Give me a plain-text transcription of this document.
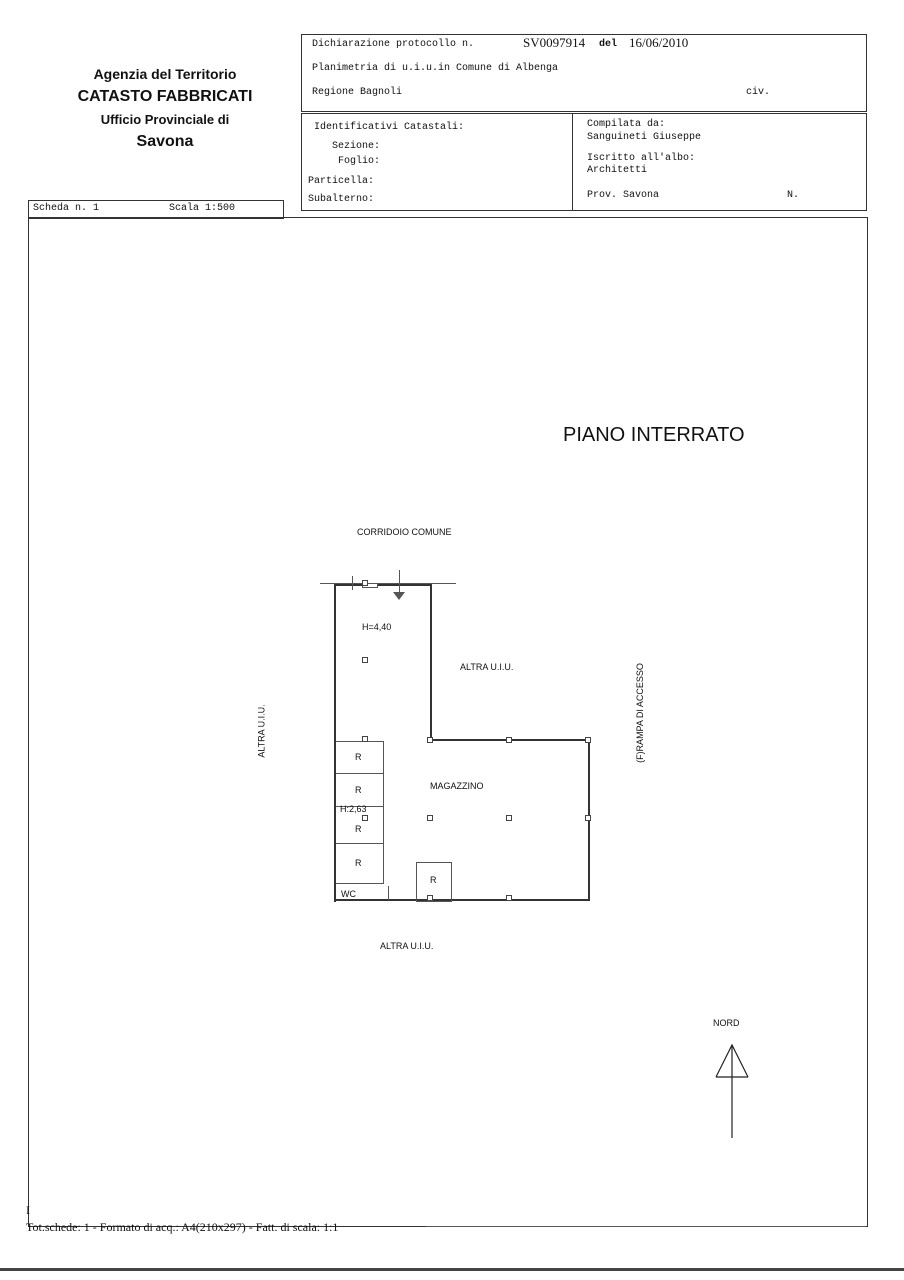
Agenzia del Territorio
CATASTO FABBRICATI
Ufficio Provinciale di
Savona
Dichiarazione protocollo n.	SV0097914 del 16/06/2010
Planimetria di u.i.u.in Comune di Albenga
Regione Bagnoli	civ.
Identificativi Catastali:
Sezione:
Foglio:
Particella:
Subalterno:
Compilata da:
Sanguineti Giuseppe
Iscritto all'albo:
Architetti
Prov. Savona	N.
Scheda n. 1	Scala 1:500
PIANO INTERRATO
CORRIDOIO COMUNE
H=4,40
ALTRA U.I.U.
ALTRA U.I.U.
ALTRA U.I.U.
MAGAZZINO
H:2,63
WC
R
R
R
R
R
(F)RAMPA DI ACCESSO
NORD
I
Tot.schede: 1 - Formato di acq.: A4(210x297) - Fatt. di scala: 1:1
